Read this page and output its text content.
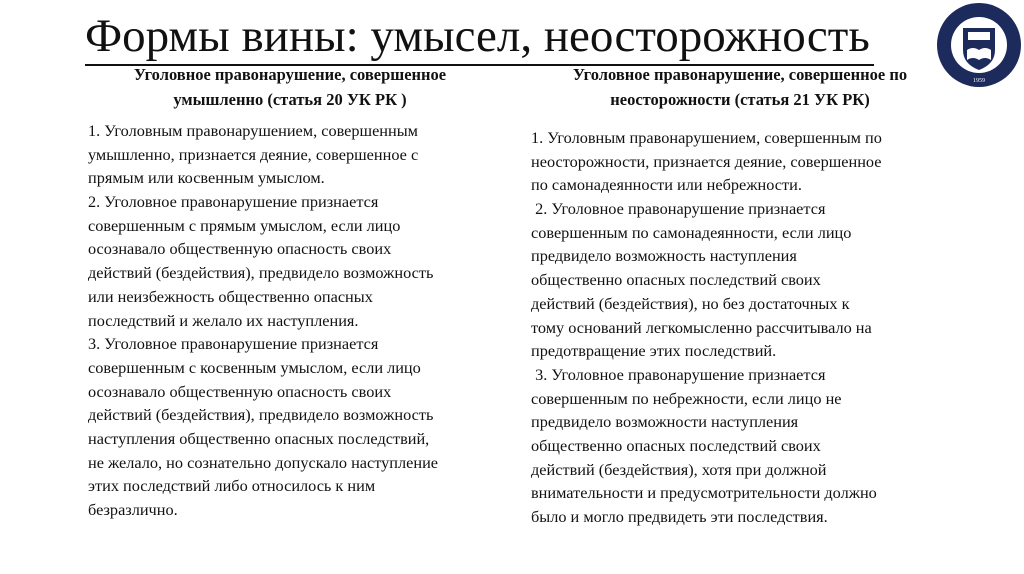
Формы вины: умысел, неосторожность
1959
Уголовное правонарушение, совершенное
умышленно (статья 20 УК РК )
Уголовное правонарушение, совершенное по
неосторожности (статья 21 УК РК)
1. Уголовным правонарушением, совершенным
умышленно, признается деяние, совершенное с
прямым или косвенным умыслом.
2. Уголовное правонарушение признается
совершенным с прямым умыслом, если лицо
осознавало общественную опасность своих
действий (бездействия), предвидело возможность
или неизбежность общественно опасных
последствий и желало их наступления.
3. Уголовное правонарушение признается
совершенным с косвенным умыслом, если лицо
осознавало общественную опасность своих
действий (бездействия), предвидело возможность
наступления общественно опасных последствий,
не желало, но сознательно допускало наступление
этих последствий либо относилось к ним
безразлично.
1. Уголовным правонарушением, совершенным по
неосторожности, признается деяние, совершенное
по самонадеянности или небрежности.
2. Уголовное правонарушение признается
совершенным по самонадеянности, если лицо
предвидело возможность наступления
общественно опасных последствий своих
действий (бездействия), но без достаточных к
тому оснований легкомысленно рассчитывало на
предотвращение этих последствий.
3. Уголовное правонарушение признается
совершенным по небрежности, если лицо не
предвидело возможности наступления
общественно опасных последствий своих
действий (бездействия), хотя при должной
внимательности и предусмотрительности должно
было и могло предвидеть эти последствия.
